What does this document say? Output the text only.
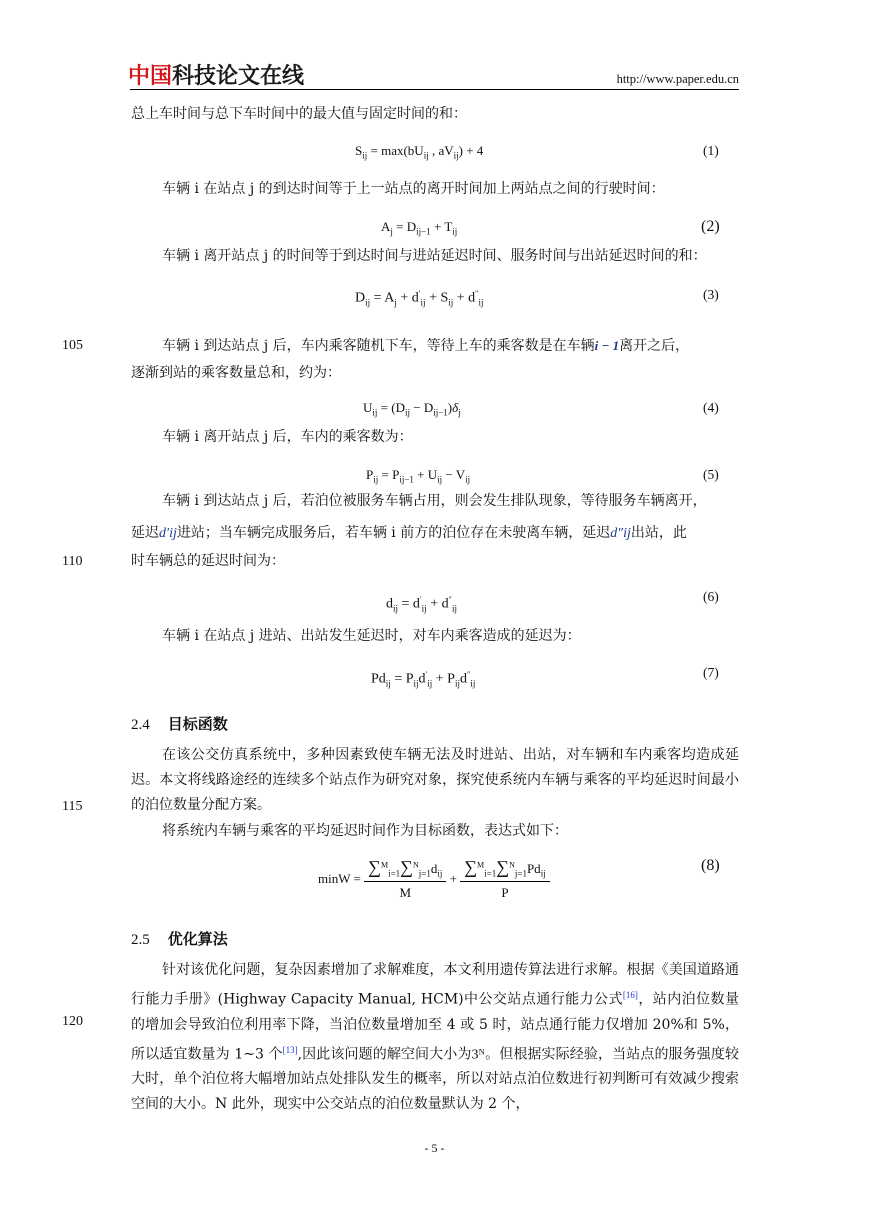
中国科技论文在线	http://www.paper.edu.cn
总上车时间与总下车时间中的最大值与固定时间的和：
$S_{ij} = \max(bU_{ij}$ , $aV_{ij}) + 4$	(1)
车辆 i 在站点 j 的到达时间等于上一站点的离开时间加上两站点之间的行驶时间：
$A_j = D_{ij-1} + T_{ij}$	(2)
车辆 i 离开站点 j 的时间等于到达时间与进站延迟时间、服务时间与出站延迟时间的和：
$D_{ij} = A_j + d'_{ij} + S_{ij} + d''_{ij}$
(3)
105	车辆 i 到达站点 j 后，车内乘客随机下车，等待上车的乘客数是在车辆i − 1离开之后，
逐渐到站的乘客数量总和，约为：
$U_{ij} = (D_{ij} - D_{ij-1})\delta_j$	(4)
车辆 i 离开站点 j 后，车内的乘客数为：
$P_{ij} = P_{ij-1} + U_{ij} - V_{ij}$	(5)
车辆 i 到达站点 j 后，若泊位被服务车辆占用，则会发生排队现象，等待服务车辆离开，
延迟d′ij进站；当车辆完成服务后，若车辆 i 前方的泊位存在未驶离车辆，延迟d″ij出站，此
110	时车辆总的延迟时间为：
$d_{ij} = d'_{ij} + d''_{ij}$
(6)
车辆 i 在站点 j 进站、出站发生延迟时，对车内乘客造成的延迟为：
$Pd_{ij} = P_{ij}d'_{ij} + P_{ij}d''_{ij}$
(7)
2.4 目标函数
在该公交仿真系统中，多种因素致使车辆无法及时进站、出站，对车辆和车内乘客均造成延迟。本文将线路途经的连续多个站点作为研究对象，探究使系统内车辆与乘客的平均延迟时间最小的泊位数量分配方案。
115
将系统内车辆与乘客的平均延迟时间作为目标函数，表达式如下：
$\min W = \frac{\sum^M_{i=1}\sum^N_{j=1}d_{ij}}{M} + \frac{\sum^M_{i=1}\sum^N_{j=1}Pd_{ij}}{P}$	(8)
2.5 优化算法
针对该优化问题，复杂因素增加了求解难度，本文利用遗传算法进行求解。根据《美国道路通行能力手册》(Highway Capacity Manual, HCM)中公交站点通行能力公式[16]，站内泊位数量的增加会导致泊位利用率下降，当泊位数量增加至 4 或 5 时，站点通行能力仅增加 20%和 5%，所以适宜数量为 1~3 个[13],因此该问题的解空间大小为3ᴺ。但根据实际经验，当站点的服务强度较大时，单个泊位将大幅增加站点处排队发生的概率，所以对站点泊位数进行初判断可有效减少搜索空间的大小。N 此外，现实中公交站点的泊位数量默认为 2 个，
120
- 5 -
